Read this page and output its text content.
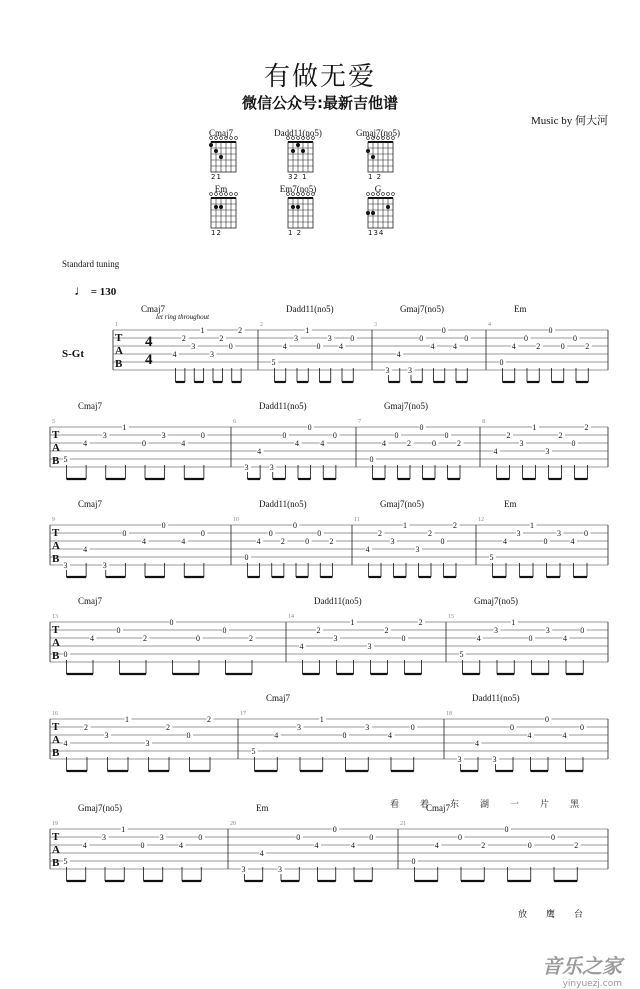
有做无爱
微信公众号:最新吉他谱
Music by 何大河
Standard tuning
♩ = 130
S-Gt
let ring throughout
T
A
B
4
4
1
Cmaj7
4
2
3
1
3
2
0
2
2
Dadd11(no5)
5
4
3
1
0
3
4
0
3
Gmaj7(no5)
3
4
3
0
4
0
4
0
4
Em
0
4
0
2
0
0
0
2
T
A
B
5
Cmaj7
5
4
3
1
0
3
4
0
6
Dadd11(no5)
3
4
3
0
4
0
4
0
7
Gmaj7(no5)
0
4
0
2
0
0
0
2
8
4
2
3
1
3
2
0
2
T
A
B
9
Cmaj7
3
4
3
0
4
0
4
0
10
Dadd11(no5)
0
4
0
2
0
0
0
2
11
Gmaj7(no5)
4
2
3
1
3
2
0
2
12
Em
5
4
3
1
0
3
4
0
T
A
B
13
Cmaj7
0
4
0
2
0
0
0
2
14
Dadd11(no5)
4
2
3
1
3
2
0
2
15
Gmaj7(no5)
5
4
3
1
0
3
4
0
T
A
B
16
4
2
3
1
3
2
0
2
17
Cmaj7
5
4
3
1
0
3
4
0
18
Dadd11(no5)
3
4
3
0
4
0
4
0
T
A
B
19
Gmaj7(no5)
5
4
3
1
0
3
4
0
20
Em
3
4
3
0
4
0
4
0
21
Cmaj7
0
4
0
2
0
0
0
2
Cmaj7
21
Dadd11(no5)
32 1
Gmaj7(no5)
1 2
Em
12
Em7(no5)
1 2
G
134
看 着 东 湖 一 片 黑
放 鹰 台
音乐之家
yinyuezj.com
